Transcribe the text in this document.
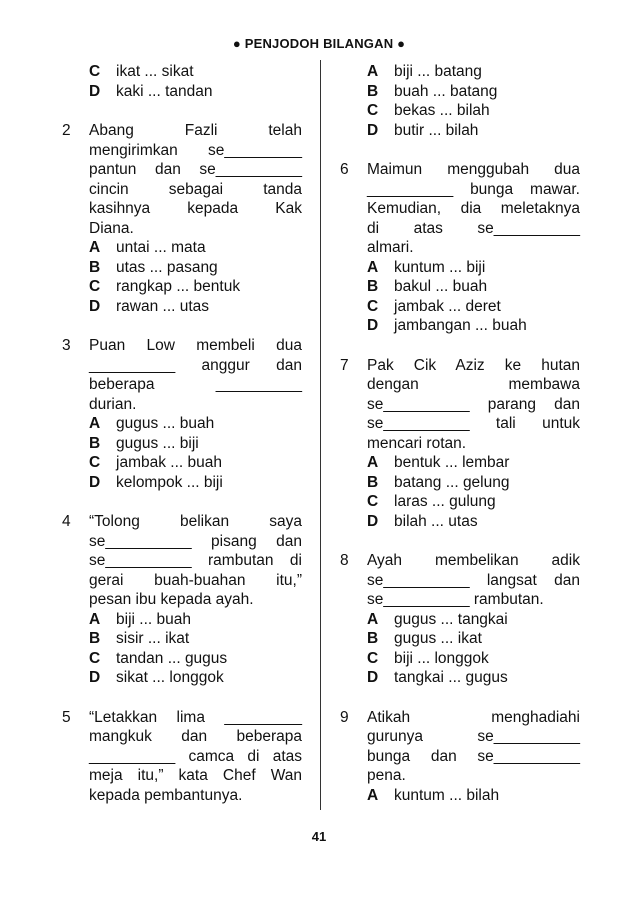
● PENJODOH BILANGAN ●
C	ikat ... sikat
D	kaki ... tandan
2	Abang Fazli telah
mengirimkan se_________
pantun dan se__________
cincin sebagai tanda
kasihnya kepada Kak
Diana.
A	untai ... mata
B	utas ... pasang
C	rangkap ... bentuk
D	rawan ... utas
3	Puan Low membeli dua
__________ anggur dan
beberapa __________
durian.
A	gugus ... buah
B	gugus ... biji
C	jambak ... buah
D	kelompok ... biji
4	“Tolong belikan saya
se__________ pisang dan
se__________ rambutan di
gerai buah-buahan itu,”
pesan ibu kepada ayah.
A	biji ... buah
B	sisir ... ikat
C	tandan ... gugus
D	sikat ... longgok
5	“Letakkan lima _________
mangkuk dan beberapa
__________ camca di atas
meja itu,” kata Chef Wan
kepada pembantunya.
A	biji ... batang
B	buah ... batang
C	bekas ... bilah
D	butir ... bilah
6	Maimun menggubah dua
__________ bunga mawar.
Kemudian, dia meletaknya
di atas se__________
almari.
A	kuntum ... biji
B	bakul ... buah
C	jambak ... deret
D	jambangan ... buah
7	Pak Cik Aziz ke hutan
dengan membawa
se__________ parang dan
se__________ tali untuk
mencari rotan.
A	bentuk ... lembar
B	batang ... gelung
C	laras ... gulung
D	bilah ... utas
8	Ayah membelikan adik
se__________ langsat dan
se__________ rambutan.
A	gugus ... tangkai
B	gugus ... ikat
C	biji ... longgok
D	tangkai ... gugus
9	Atikah menghadiahi
gurunya se__________
bunga dan se__________
pena.
A	kuntum ... bilah
41
